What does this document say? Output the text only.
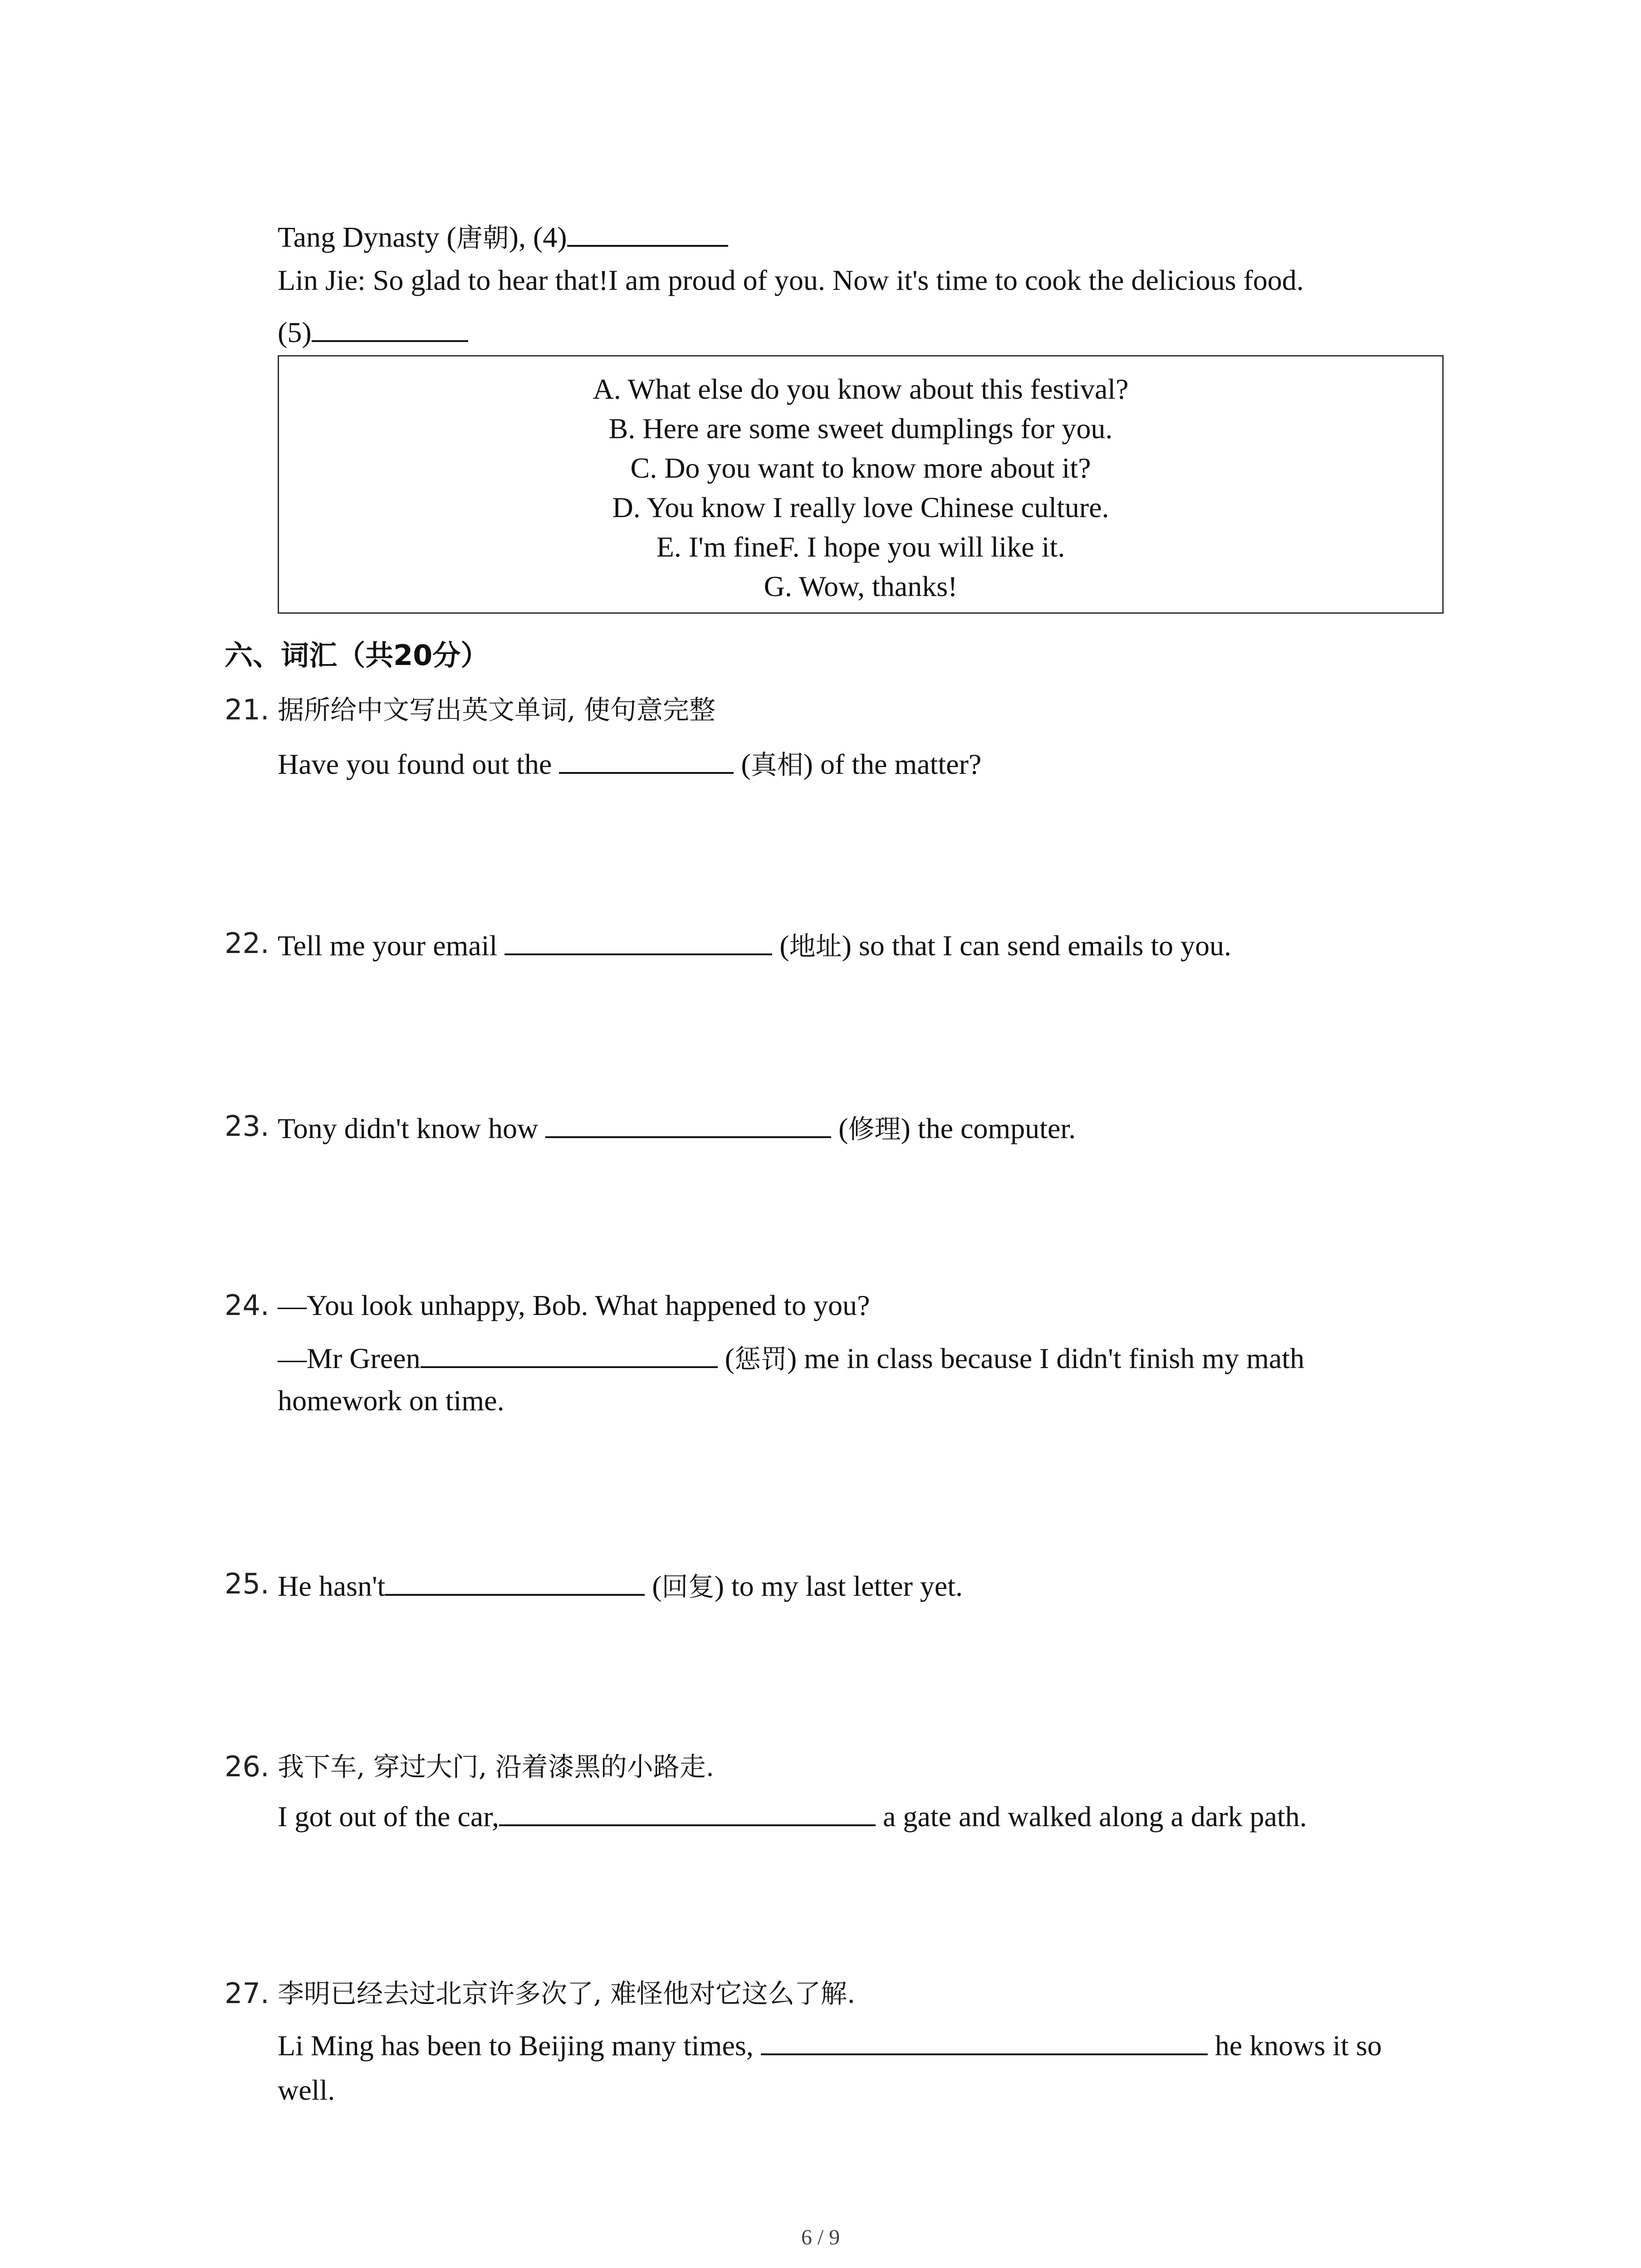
Tang Dynasty (唐朝), (4)
Lin Jie: So glad to hear that!I am proud of you. Now it's time to cook the delicious food.
(5)
A. What else do you know about this festival?
B. Here are some sweet dumplings for you.
C. Do you want to know more about it?
D. You know I really love Chinese culture.
E. I'm fineF. I hope you will like it.
G. Wow, thanks!
六、词汇（共20分）
21. 据所给中文写出英文单词, 使句意完整
Have you found out the	(真相) of the matter?
22. Tell me your email	(地址) so that I can send emails to you.
23. Tony didn't know how	(修理) the computer.
24. —You look unhappy, Bob. What happened to you?
—Mr Green	(惩罚) me in class because I didn't finish my math
homework on time.
25. He hasn't	(回复) to my last letter yet.
26. 我下车, 穿过大门, 沿着漆黑的小路走.
I got out of the car,	a gate and walked along a dark path.
27. 李明已经去过北京许多次了, 难怪他对它这么了解.
Li Ming has been to Beijing many times,	he knows it so
well.
6 / 9
